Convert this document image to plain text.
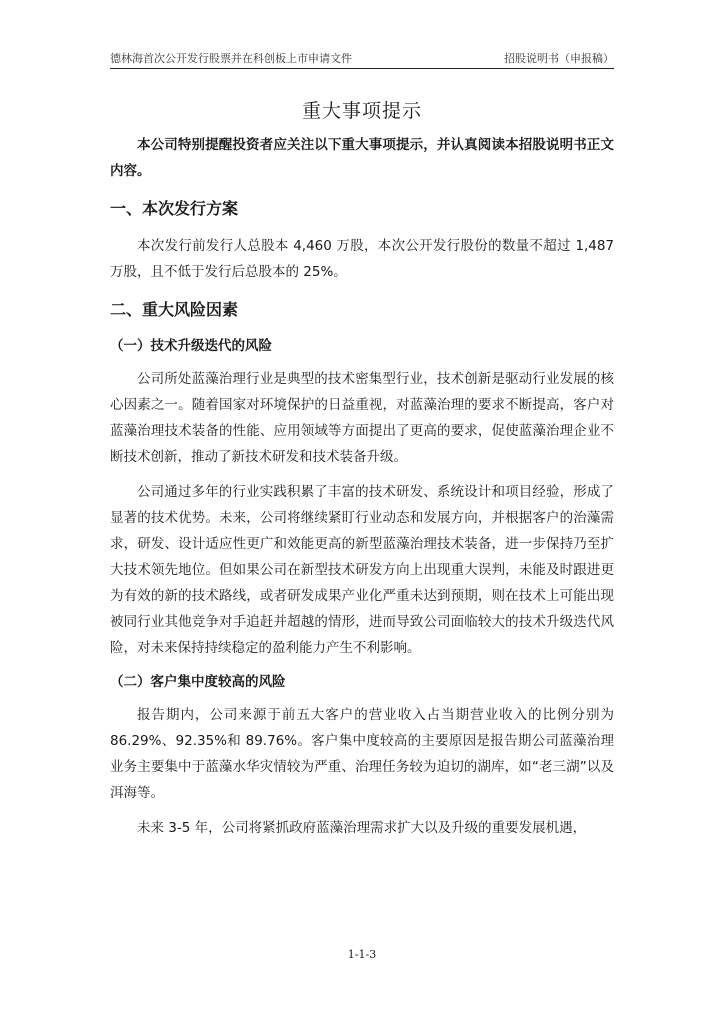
德林海首次公开发行股票并在科创板上市申请文件	招股说明书（申报稿）
重大事项提示

本公司特别提醒投资者应关注以下重大事项提示，并认真阅读本招股说明书正文内容。

一、本次发行方案

本次发行前发行人总股本 4,460 万股，本次公开发行股份的数量不超过 1,487 万股，且不低于发行后总股本的 25%。

二、重大风险因素
（一）技术升级迭代的风险

公司所处蓝藻治理行业是典型的技术密集型行业，技术创新是驱动行业发展的核心因素之一。随着国家对环境保护的日益重视，对蓝藻治理的要求不断提高，客户对蓝藻治理技术装备的性能、应用领域等方面提出了更高的要求，促使蓝藻治理企业不断技术创新，推动了新技术研发和技术装备升级。

公司通过多年的行业实践积累了丰富的技术研发、系统设计和项目经验，形成了显著的技术优势。未来，公司将继续紧盯行业动态和发展方向，并根据客户的治藻需求，研发、设计适应性更广和效能更高的新型蓝藻治理技术装备，进一步保持乃至扩大技术领先地位。但如果公司在新型技术研发方向上出现重大误判，未能及时跟进更为有效的新的技术路线，或者研发成果产业化严重未达到预期，则在技术上可能出现被同行业其他竞争对手追赶并超越的情形，进而导致公司面临较大的技术升级迭代风险，对未来保持持续稳定的盈利能力产生不利影响。

（二）客户集中度较高的风险

报告期内，公司来源于前五大客户的营业收入占当期营业收入的比例分别为 86.29%、92.35%和 89.76%。客户集中度较高的主要原因是报告期公司蓝藻治理业务主要集中于蓝藻水华灾情较为严重、治理任务较为迫切的湖库，如“老三湖”以及洱海等。

未来 3-5 年，公司将紧抓政府蓝藻治理需求扩大以及升级的重要发展机遇，

1-1-3
